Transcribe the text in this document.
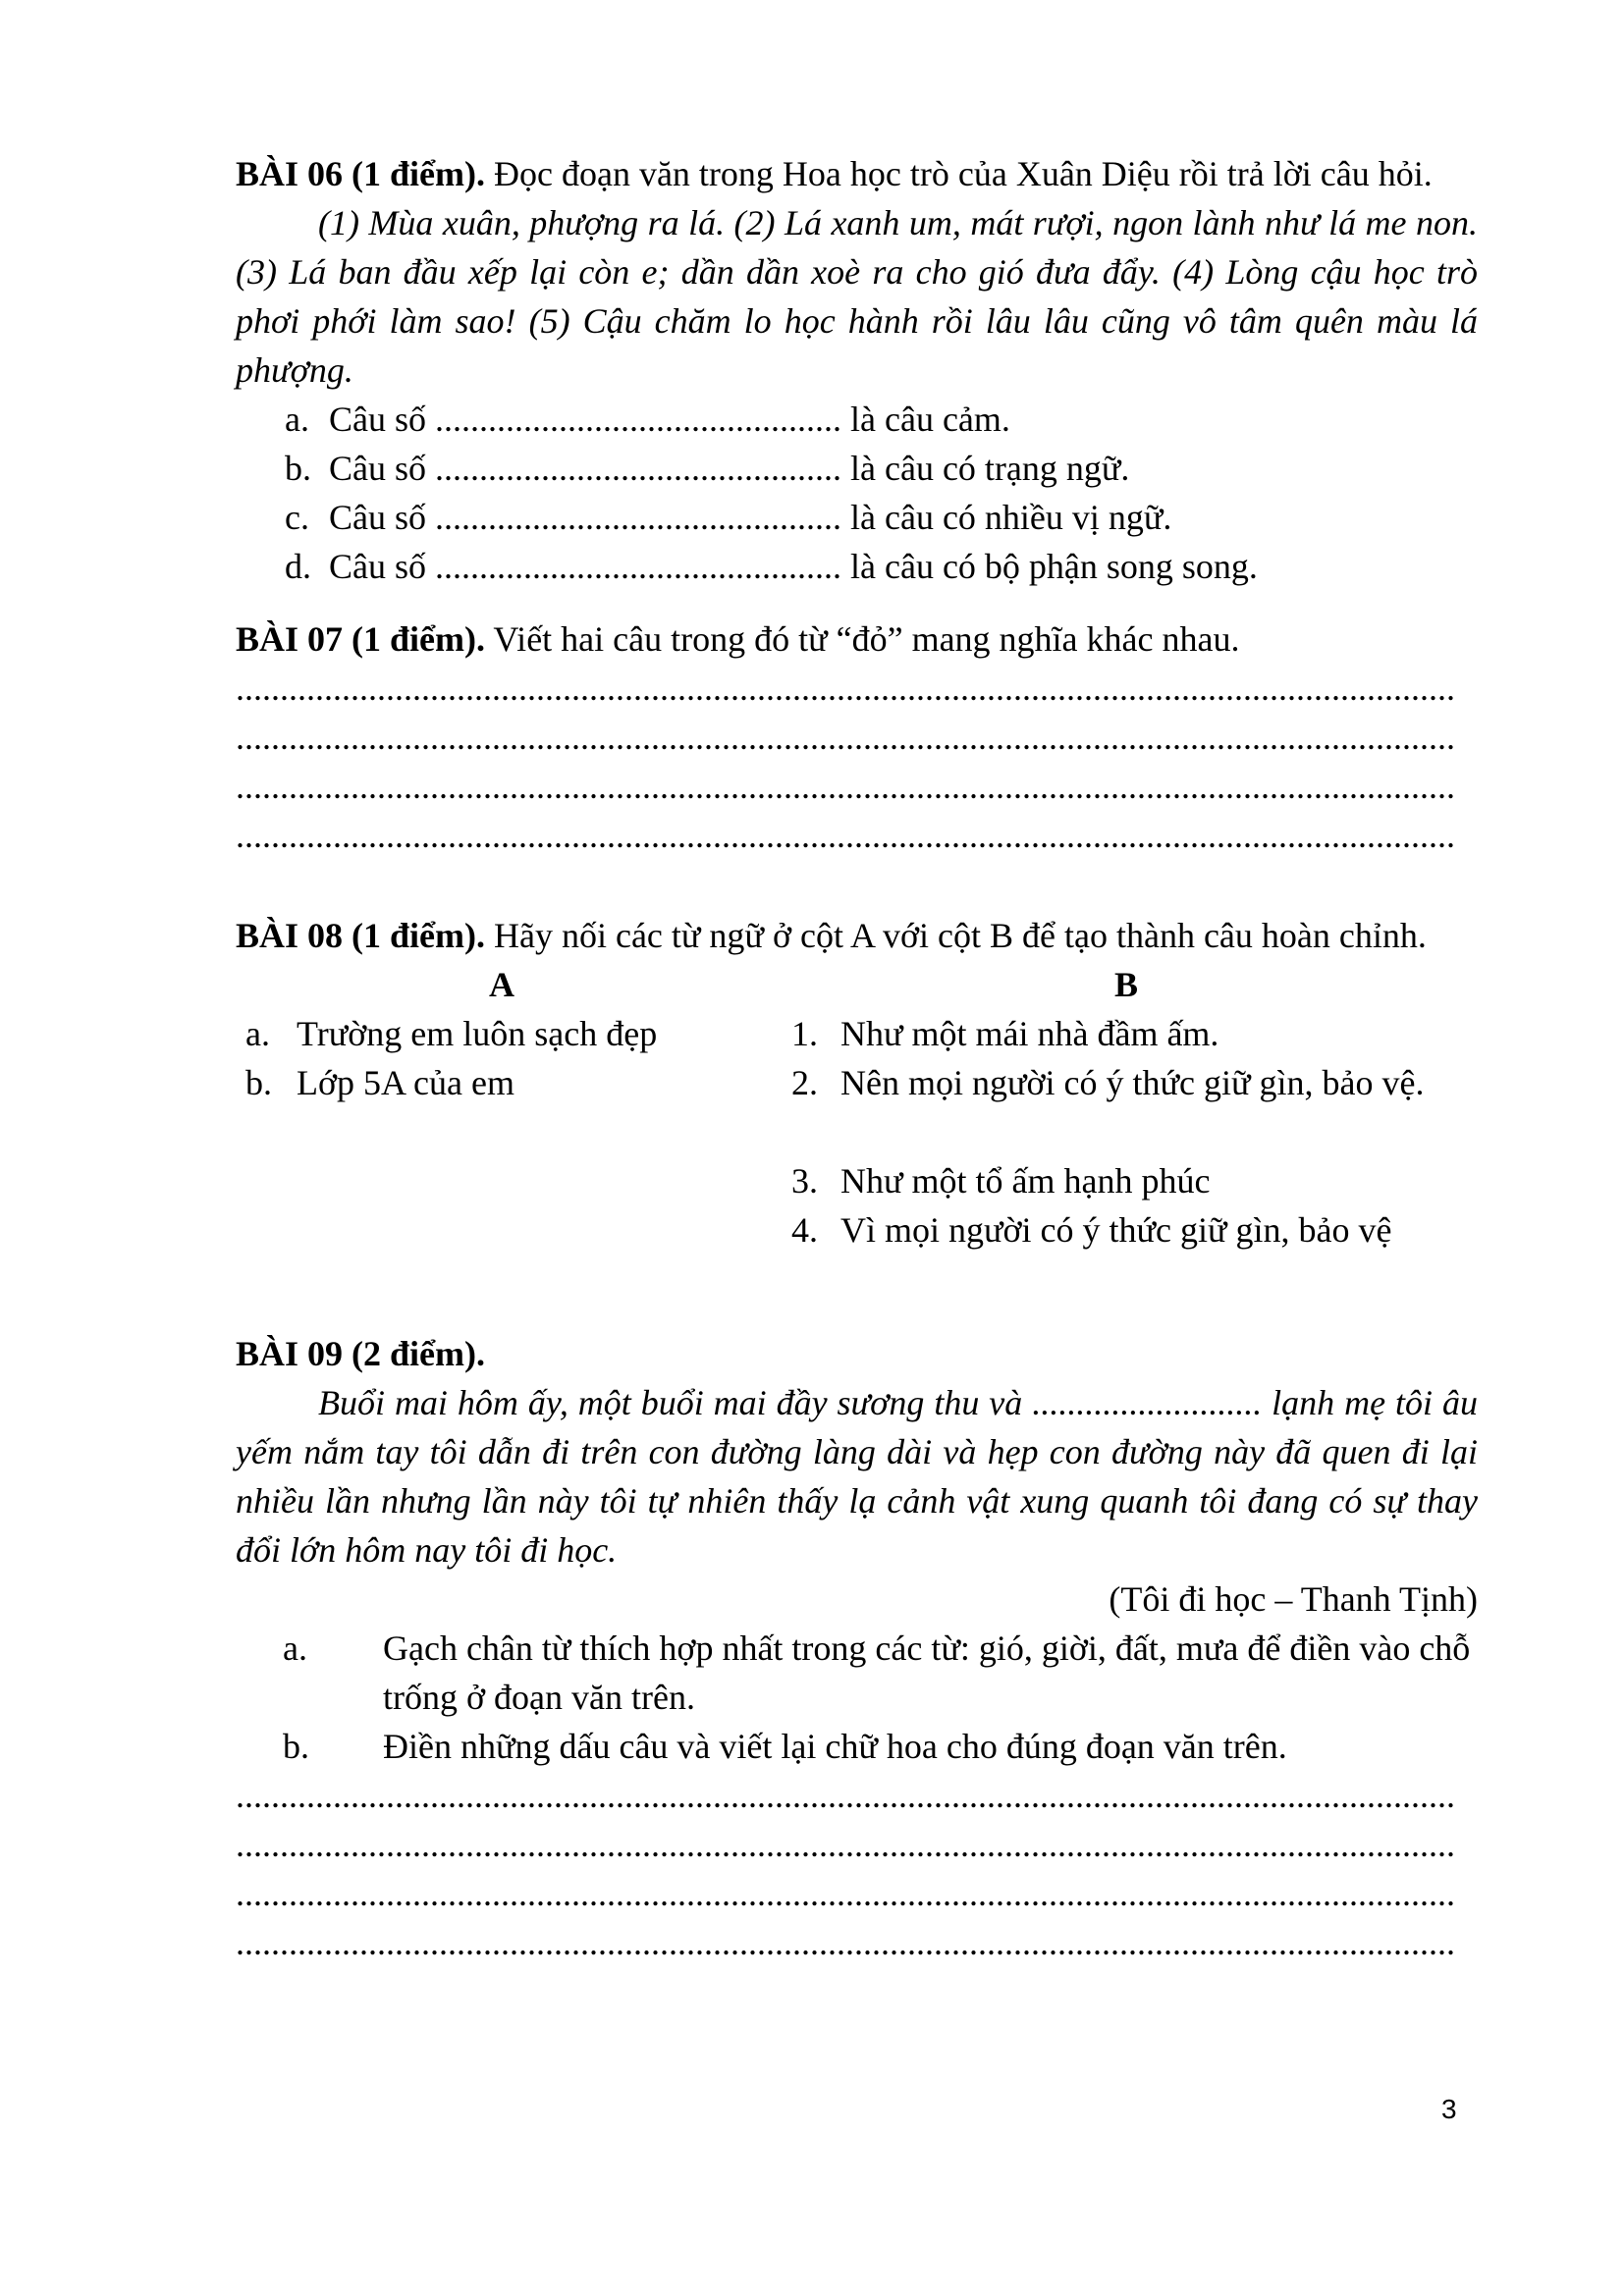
BÀI 06 (1 điểm). Đọc đoạn văn trong Hoa học trò của Xuân Diệu rồi trả lời câu hỏi.
(1) Mùa xuân, phượng ra lá. (2) Lá xanh um, mát rượi, ngon lành như lá me non. (3) Lá ban đầu xếp lại còn e; dần dần xoè ra cho gió đưa đẩy. (4) Lòng cậu học trò phơi phới làm sao! (5) Cậu chăm lo học hành rồi lâu lâu cũng vô tâm quên màu lá phượng.
a. Câu số .............................................. là câu cảm.
b. Câu số .............................................. là câu có trạng ngữ.
c. Câu số .............................................. là câu có nhiều vị ngữ.
d. Câu số .............................................. là câu có bộ phận song song.
BÀI 07 (1 điểm). Viết hai câu trong đó từ “đỏ” mang nghĩa khác nhau.
..........................................................................................................................................
..........................................................................................................................................
..........................................................................................................................................
..........................................................................................................................................
BÀI 08 (1 điểm). Hãy nối các từ ngữ ở cột A với cột B để tạo thành câu hoàn chỉnh.
A	B
a. Trường em luôn sạch đẹp
b. Lớp 5A của em
1. Như một mái nhà đầm ấm.
2. Nên mọi người có ý thức giữ gìn, bảo vệ.
3. Như một tổ ấm hạnh phúc
4. Vì mọi người có ý thức giữ gìn, bảo vệ
BÀI 09 (2 điểm).
Buổi mai hôm ấy, một buổi mai đầy sương thu và .......................... lạnh mẹ tôi âu yếm nắm tay tôi dẫn đi trên con đường làng dài và hẹp con đường này đã quen đi lại nhiều lần nhưng lần này tôi tự nhiên thấy lạ cảnh vật xung quanh tôi đang có sự thay đổi lớn hôm nay tôi đi học.
(Tôi đi học – Thanh Tịnh)
a. Gạch chân từ thích hợp nhất trong các từ: gió, giời, đất, mưa để điền vào chỗ trống ở đoạn văn trên.
b. Điền những dấu câu và viết lại chữ hoa cho đúng đoạn văn trên.
..........................................................................................................................................
..........................................................................................................................................
..........................................................................................................................................
..........................................................................................................................................
3
